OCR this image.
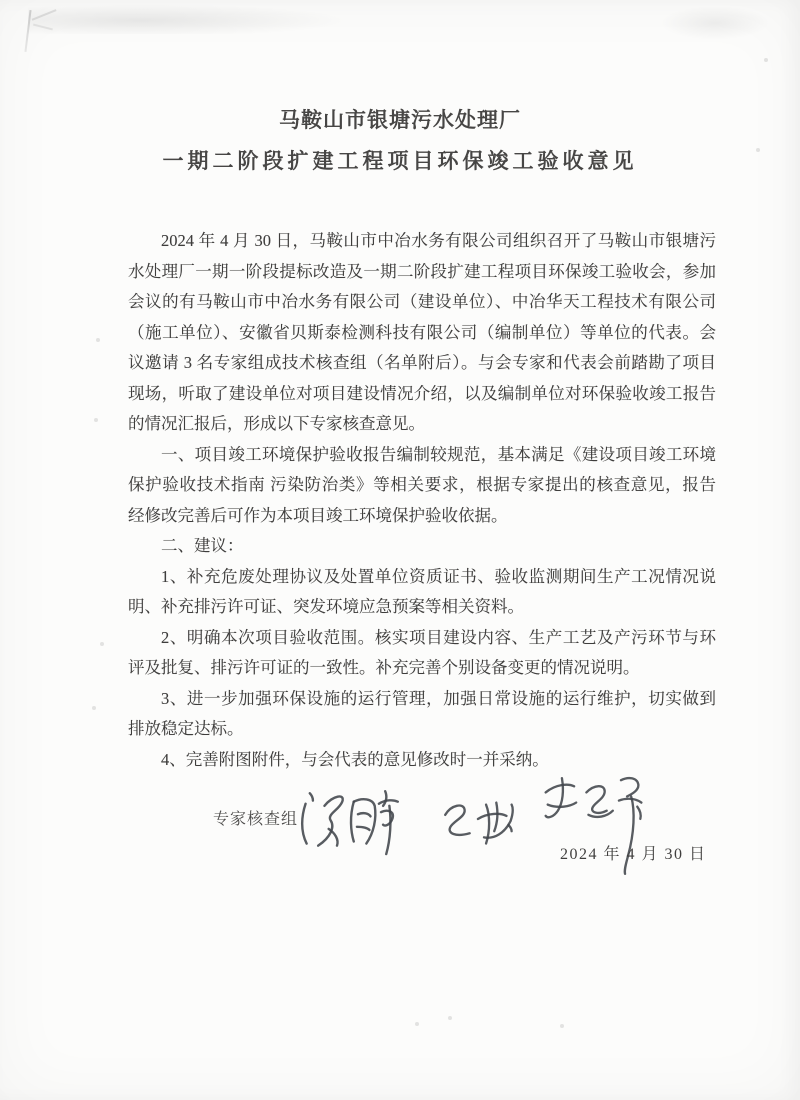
马鞍山市银塘污水处理厂
一期二阶段扩建工程项目环保竣工验收意见
2024 年 4 月 30 日，马鞍山市中冶水务有限公司组织召开了马鞍山市银塘污
水处理厂一期一阶段提标改造及一期二阶段扩建工程项目环保竣工验收会，参加
会议的有马鞍山市中冶水务有限公司（建设单位）、中冶华天工程技术有限公司
（施工单位）、安徽省贝斯泰检测科技有限公司（编制单位）等单位的代表。会
议邀请 3 名专家组成技术核查组（名单附后）。与会专家和代表会前踏勘了项目
现场，听取了建设单位对项目建设情况介绍，以及编制单位对环保验收竣工报告
的情况汇报后，形成以下专家核查意见。
一、项目竣工环境保护验收报告编制较规范，基本满足《建设项目竣工环境
保护验收技术指南 污染防治类》等相关要求，根据专家提出的核查意见，报告
经修改完善后可作为本项目竣工环境保护验收依据。
二、建议：
1、补充危废处理协议及处置单位资质证书、验收监测期间生产工况情况说
明、补充排污许可证、突发环境应急预案等相关资料。
2、明确本次项目验收范围。核实项目建设内容、生产工艺及产污环节与环
评及批复、排污许可证的一致性。补充完善个别设备变更的情况说明。
3、进一步加强环保设施的运行管理，加强日常设施的运行维护，切实做到
排放稳定达标。
4、完善附图附件，与会代表的意见修改时一并采纳。
专家核查组
2024 年 4 月 30 日
